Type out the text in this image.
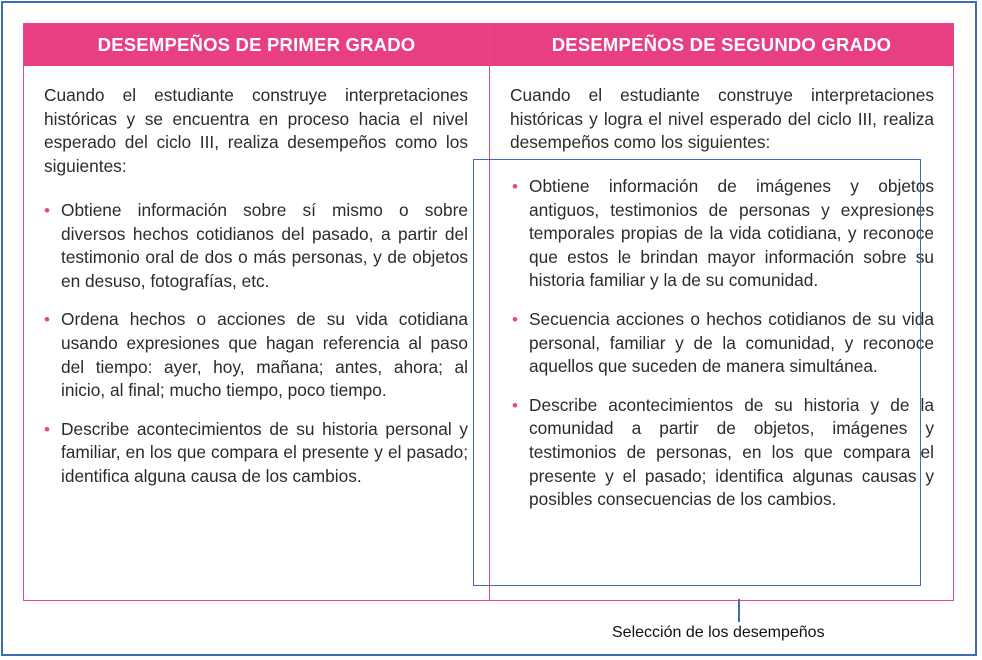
DESEMPEÑOS DE PRIMER GRADO

Cuando el estudiante construye interpretaciones históricas y se encuentra en proceso hacia el nivel esperado del ciclo III, realiza desempeños como los siguientes:

• Obtiene información sobre sí mismo o sobre diversos hechos cotidianos del pasado, a partir del testimonio oral de dos o más personas, y de objetos en desuso, fotografías, etc.

• Ordena hechos o acciones de su vida cotidiana usando expresiones que hagan referencia al paso del tiempo: ayer, hoy, mañana; antes, ahora; al inicio, al final; mucho tiempo, poco tiempo.

• Describe acontecimientos de su historia personal y familiar, en los que compara el presente y el pasado; identifica alguna causa de los cambios.

DESEMPEÑOS DE SEGUNDO GRADO

Cuando el estudiante construye interpretaciones históricas y logra el nivel esperado del ciclo III, realiza desempeños como los siguientes:

• Obtiene información de imágenes y objetos antiguos, testimonios de personas y expresiones temporales propias de la vida cotidiana, y reconoce que estos le brindan mayor información sobre su historia familiar y la de su comunidad.

• Secuencia acciones o hechos cotidianos de su vida personal, familiar y de la comunidad, y reconoce aquellos que suceden de manera simultánea.

• Describe acontecimientos de su historia y de la comunidad a partir de objetos, imágenes y testimonios de personas, en los que compara el presente y el pasado; identifica algunas causas y posibles consecuencias de los cambios.

Selección de los desempeños
